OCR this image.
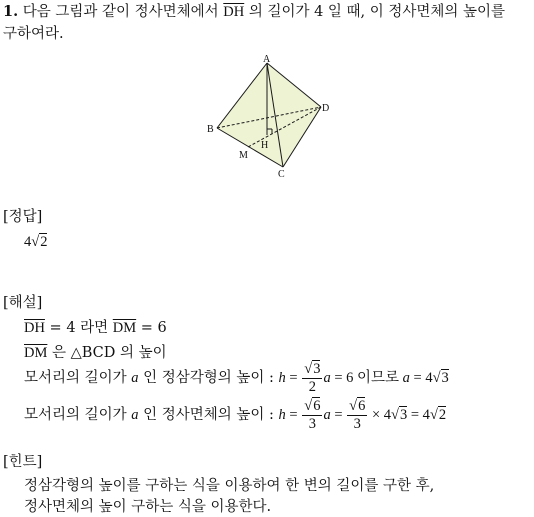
1. 다음 그림과 같이 정사면체에서 $\overline{DH}$ 의 길이가 4 일 때, 이 정사면체의 높이를
구하여라.
A
B
C
D
H
M
[정답]
4√2
[해설]
$\overline{DH} = 4$ 라면 $\overline{DM} = 6$
$\overline{DM}$ 은 △BCD 의 높이
모서리의 길이가 a 인 정삼각형의 높이 : $h = \frac{√3}{2}$ a = 6 이므로 a = 4√3
모서리의 길이가 a 인 정사면체의 높이 : $h = \frac{√6}{3}$ $a = \frac{√6}{3} \times 4√3 = 4√2$
[힌트]
정삼각형의 높이를 구하는 식을 이용하여 한 변의 길이를 구한 후,
정사면체의 높이 구하는 식을 이용한다.
